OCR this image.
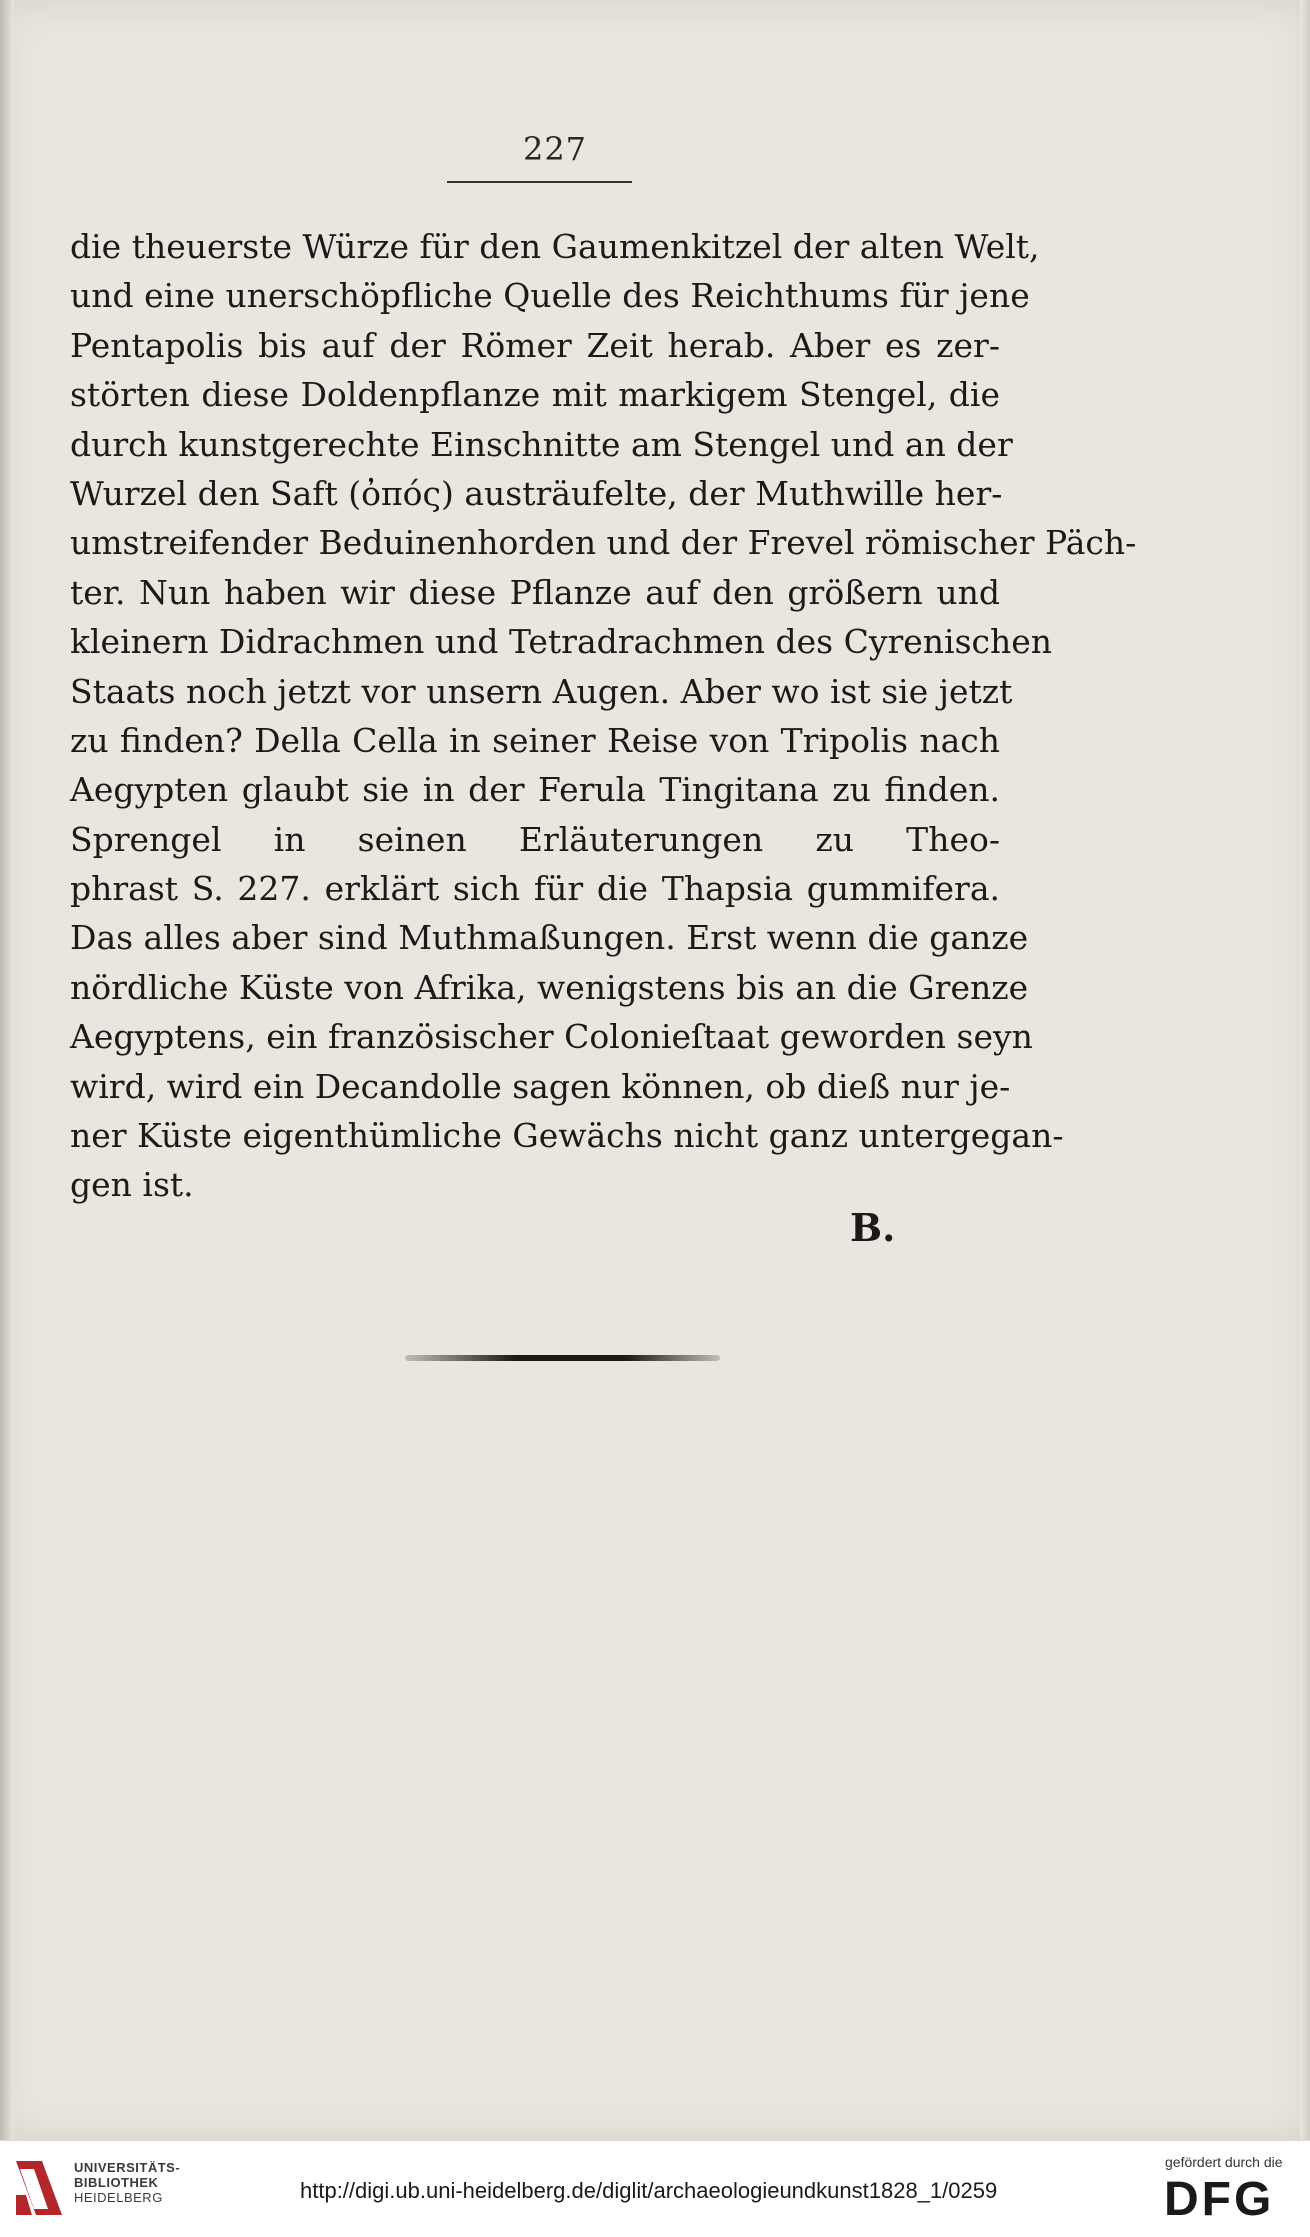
227
die theuerste Würze für den Gaumenkitzel der alten Welt,
und eine unerschöpfliche Quelle des Reichthums für jene
Pentapolis bis auf der Römer Zeit herab. Aber es zer-
störten diese Doldenpflanze mit markigem Stengel, die
durch kunstgerechte Einschnitte am Stengel und an der
Wurzel den Saft (ὀπός) austräufelte, der Muthwille her-
umstreifender Beduinenhorden und der Frevel römischer Päch-
ter. Nun haben wir diese Pflanze auf den größern und
kleinern Didrachmen und Tetradrachmen des Cyrenischen
Staats noch jetzt vor unsern Augen. Aber wo ist sie jetzt
zu finden? Della Cella in seiner Reise von Tripolis nach
Aegypten glaubt sie in der Ferula Tingitana zu finden.
Sprengel in seinen Erläuterungen zu Theo-
phrast S. 227. erklärt sich für die Thapsia gummifera.
Das alles aber sind Muthmaßungen. Erst wenn die ganze
nördliche Küste von Afrika, wenigstens bis an die Grenze
Aegyptens, ein französischer Colonieſtaat geworden seyn
wird, wird ein Decandolle sagen können, ob dieß nur je-
ner Küste eigenthümliche Gewächs nicht ganz untergegan-
gen ist.
B.
UNIVERSITÄTS-
BIBLIOTHEK
HEIDELBERG	http://digi.ub.uni-heidelberg.de/diglit/archaeologieundkunst1828_1/0259
gefördert durch die
DFG
